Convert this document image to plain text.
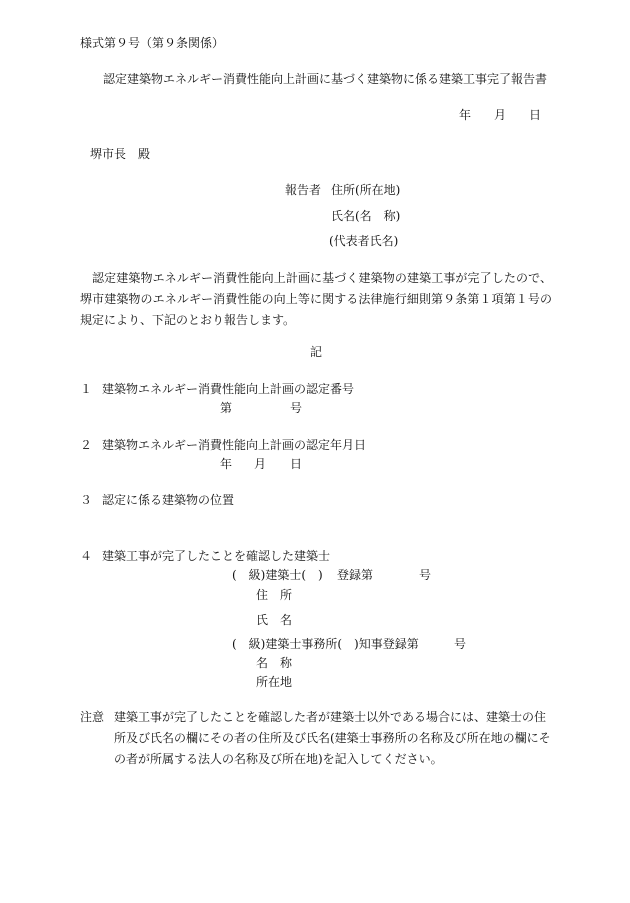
様式第９号（第９条関係）
認定建築物エネルギー消費性能向上計画に基づく建築物に係る建築工事完了報告書
年 月 日
堺市長　殿
報告者 住所(所在地)
氏名(名　称)
(代表者氏名)
認定建築物エネルギー消費性能向上計画に基づく建築物の建築工事が完了したので、堺市建築物のエネルギー消費性能の向上等に関する法律施行細則第９条第１項第１号の規定により、下記のとおり報告します。
記
１ 建築物エネルギー消費性能向上計画の認定番号
第	号
２ 建築物エネルギー消費性能向上計画の認定年月日
年 月 日
３ 認定に係る建築物の位置
４ 建築工事が完了したことを確認した建築士
(　級)建築士(　) 登録第	号
住　所
氏　名
(　級)建築士事務所(　)知事登録第	号
名　称
所在地
注意 建築工事が完了したことを確認した者が建築士以外である場合には、建築士の住所及び氏名の欄にその者の住所及び氏名(建築士事務所の名称及び所在地の欄にその者が所属する法人の名称及び所在地)を記入してください。
